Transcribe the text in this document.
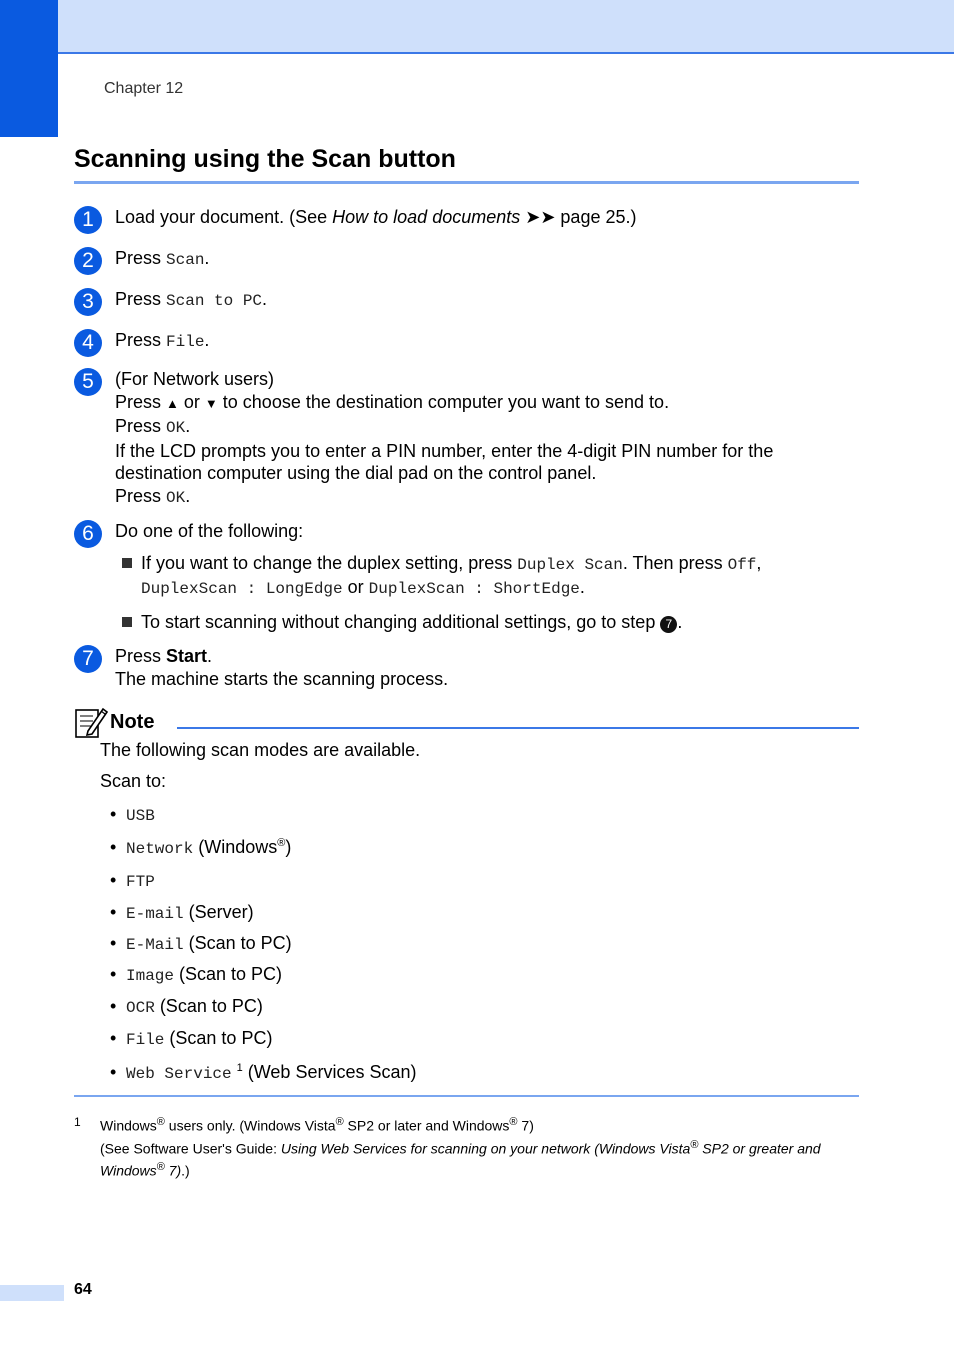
Chapter 12
Scanning using the Scan button
1	Load your document. (See How to load documents ➤➤ page 25.)
2	Press Scan.
3	Press Scan to PC.
4	Press File.
5	(For Network users)
Press ▲ or ▼ to choose the destination computer you want to send to.
Press OK.
If the LCD prompts you to enter a PIN number, enter the 4-digit PIN number for the destination computer using the dial pad on the control panel.
Press OK.
6	Do one of the following:
If you want to change the duplex setting, press Duplex Scan. Then press Off,
DuplexScan : LongEdge or DuplexScan : ShortEdge.
To start scanning without changing additional settings, go to step 7 .
7	Press Start.
The machine starts the scanning process.
Note
The following scan modes are available.
Scan to:
• USB
• Network (Windows®)
• FTP
• E-mail (Server)
• E-Mail (Scan to PC)
• Image (Scan to PC)
• OCR (Scan to PC)
• File (Scan to PC)
• Web Service $^1$ (Web Services Scan)
1 Windows® users only. (Windows Vista® SP2 or later and Windows® 7)
(See Software User's Guide: Using Web Services for scanning on your network (Windows Vista® SP2 or greater and
Windows® 7).)
64
